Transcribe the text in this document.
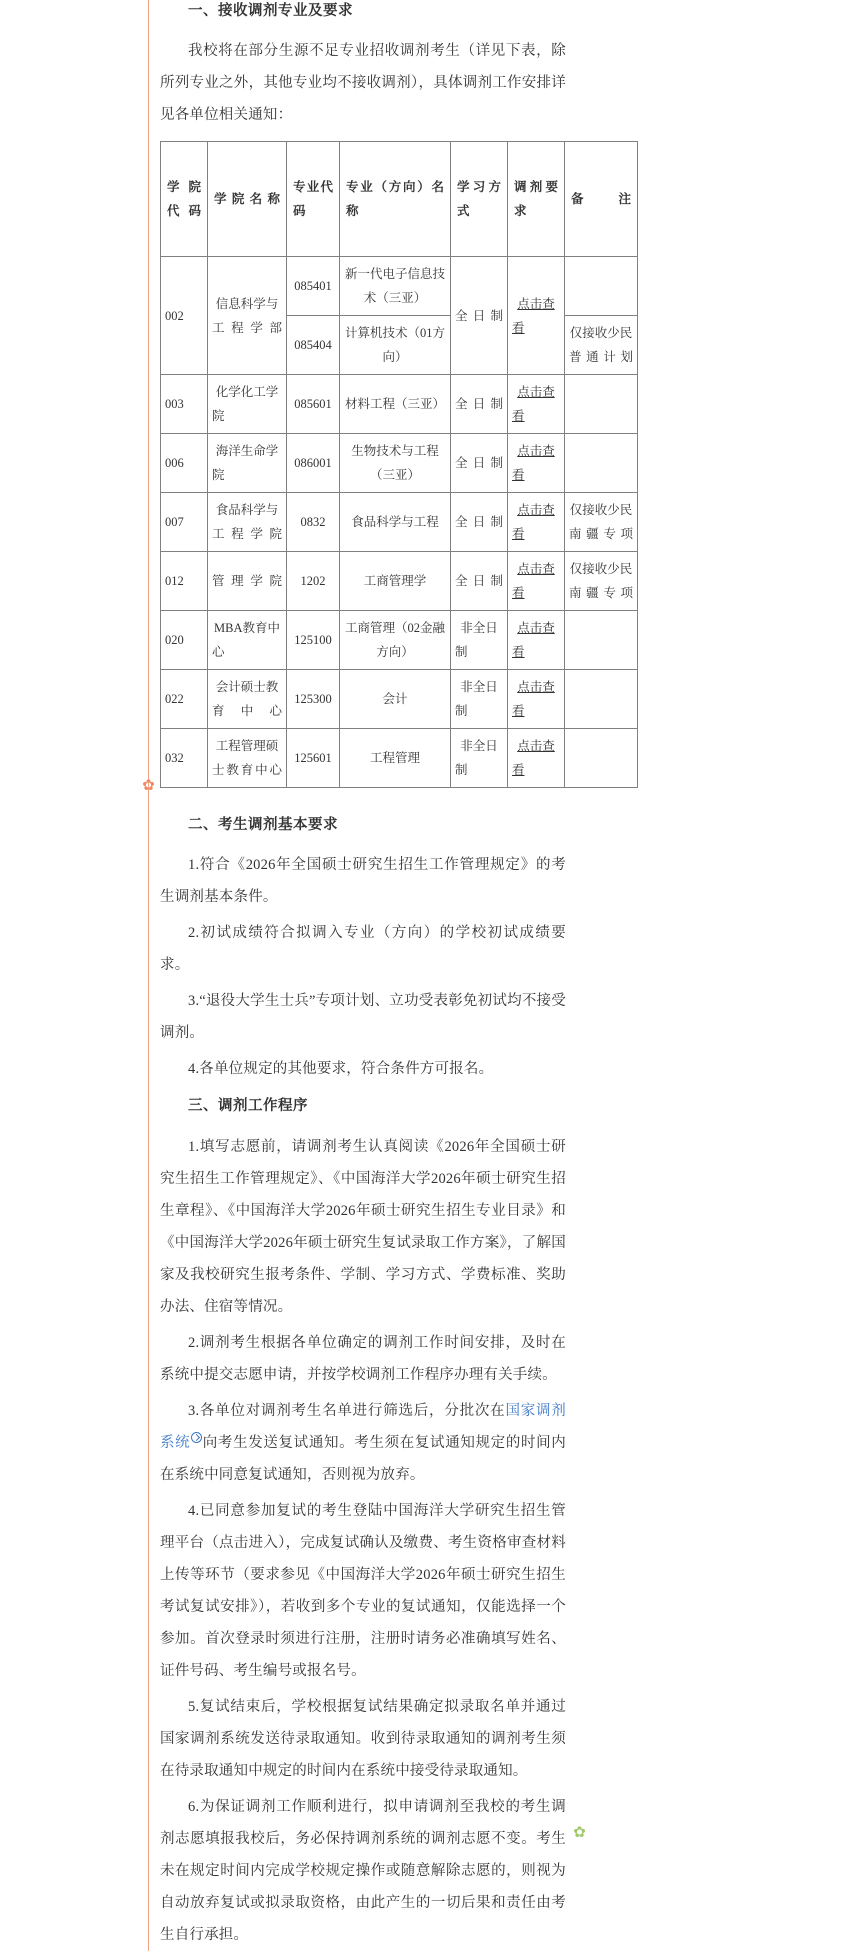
✿
✿
一、接收调剂专业及要求

我校将在部分生源不足专业招收调剂考生（详见下表，除所列专业之外，其他专业均不接收调剂），具体调剂工作安排详见各单位相关通知：

学院代码	学院名称	专业代码	专业（方向）名称	学习方式	调剂要求	备注
002	信息科学与工程学部	085401	新一代电子信息技术（三亚）	全日制	点击查看	
		085404	计算机技术（01方向）			仅接收少民普通计划
003	化学化工学院	085601	材料工程（三亚）	全日制	点击查看	
006	海洋生命学院	086001	生物技术与工程（三亚）	全日制	点击查看	
007	食品科学与工程学院	0832	食品科学与工程	全日制	点击查看	仅接收少民南疆专项
012	管理学院	1202	工商管理学	全日制	点击查看	仅接收少民南疆专项
020	MBA教育中心	125100	工商管理（02金融方向）	非全日制	点击查看	
022	会计硕士教育中心	125300	会计	非全日制	点击查看	
032	工程管理硕士教育中心	125601	工程管理	非全日制	点击查看	
二、考生调剂基本要求

1.符合《2026年全国硕士研究生招生工作管理规定》的考生调剂基本条件。

2.初试成绩符合拟调入专业（方向）的学校初试成绩要求。

3.“退役大学生士兵”专项计划、立功受表彰免初试均不接受调剂。

4.各单位规定的其他要求，符合条件方可报名。

三、调剂工作程序

1.填写志愿前，请调剂考生认真阅读《2026年全国硕士研究生招生工作管理规定》、《中国海洋大学2026年硕士研究生招生章程》、《中国海洋大学2026年硕士研究生招生专业目录》和《中国海洋大学2026年硕士研究生复试录取工作方案》，了解国家及我校研究生报考条件、学制、学习方式、学费标准、奖助办法、住宿等情况。

2.调剂考生根据各单位确定的调剂工作时间安排，及时在系统中提交志愿申请，并按学校调剂工作程序办理有关手续。

3.各单位对调剂考生名单进行筛选后，分批次在国家调剂系统 向考生发送复试通知。考生须在复试通知规定的时间内在系统中同意复试通知，否则视为放弃。

4.已同意参加复试的考生登陆中国海洋大学研究生招生管理平台（点击进入），完成复试确认及缴费、考生资格审查材料上传等环节（要求参见《中国海洋大学2026年硕士研究生招生考试复试安排》），若收到多个专业的复试通知，仅能选择一个参加。首次登录时须进行注册，注册时请务必准确填写姓名、证件号码、考生编号或报名号。

5.复试结束后，学校根据复试结果确定拟录取名单并通过国家调剂系统发送待录取通知。收到待录取通知的调剂考生须在待录取通知中规定的时间内在系统中接受待录取通知。

6.为保证调剂工作顺利进行，拟申请调剂至我校的考生调剂志愿填报我校后，务必保持调剂系统的调剂志愿不变。考生未在规定时间内完成学校规定操作或随意解除志愿的，则视为自动放弃复试或拟录取资格，由此产生的一切后果和责任由考生自行承担。
